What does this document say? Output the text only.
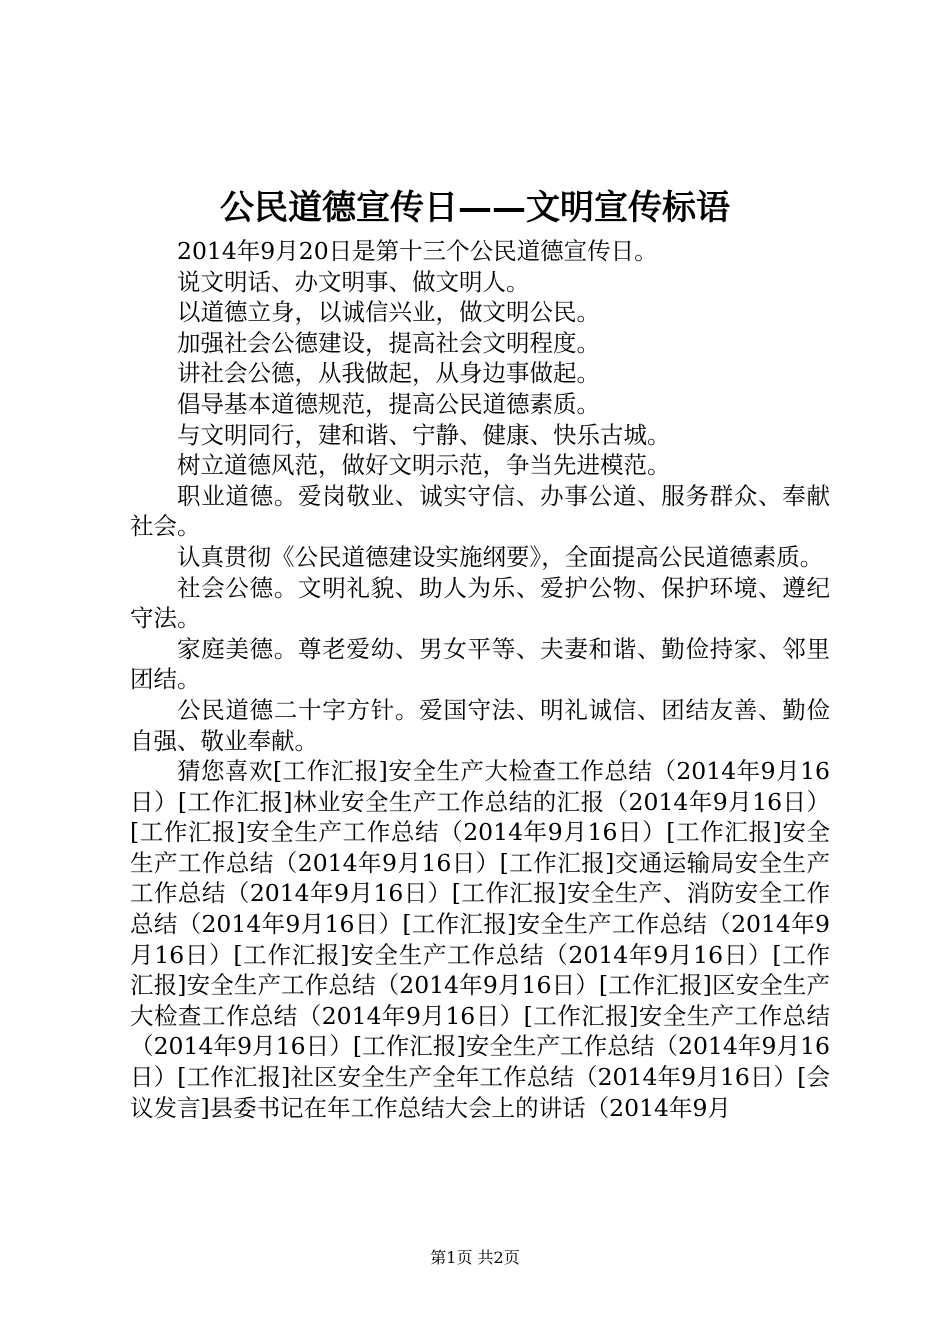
公民道德宣传日——文明宣传标语

2014年9月20日是第十三个公民道德宣传日。

说文明话、办文明事、做文明人。

以道德立身，以诚信兴业，做文明公民。

加强社会公德建设，提高社会文明程度。

讲社会公德，从我做起，从身边事做起。

倡导基本道德规范，提高公民道德素质。

与文明同行，建和谐、宁静、健康、快乐古城。

树立道德风范，做好文明示范，争当先进模范。

职业道德。爱岗敬业、诚实守信、办事公道、服务群众、奉献社会。

认真贯彻《公民道德建设实施纲要》，全面提高公民道德素质。

社会公德。文明礼貌、助人为乐、爱护公物、保护环境、遵纪守法。

家庭美德。尊老爱幼、男女平等、夫妻和谐、勤俭持家、邻里团结。

公民道德二十字方针。爱国守法、明礼诚信、团结友善、勤俭自强、敬业奉献。

猜您喜欢[工作汇报]安全生产大检查工作总结（2014年9月16日）[工作汇报]林业安全生产工作总结的汇报（2014年9月16日）[工作汇报]安全生产工作总结（2014年9月16日）[工作汇报]安全生产工作总结（2014年9月16日）[工作汇报]交通运输局安全生产工作总结（2014年9月16日）[工作汇报]安全生产、消防安全工作总结（2014年9月16日）[工作汇报]安全生产工作总结（2014年9月16日）[工作汇报]安全生产工作总结（2014年9月16日）[工作汇报]安全生产工作总结（2014年9月16日）[工作汇报]区安全生产大检查工作总结（2014年9月16日）[工作汇报]安全生产工作总结（2014年9月16日）[工作汇报]安全生产工作总结（2014年9月16日）[工作汇报]社区安全生产全年工作总结（2014年9月16日）[会议发言]县委书记在年工作总结大会上的讲话（2014年9月

第1页 共2页
